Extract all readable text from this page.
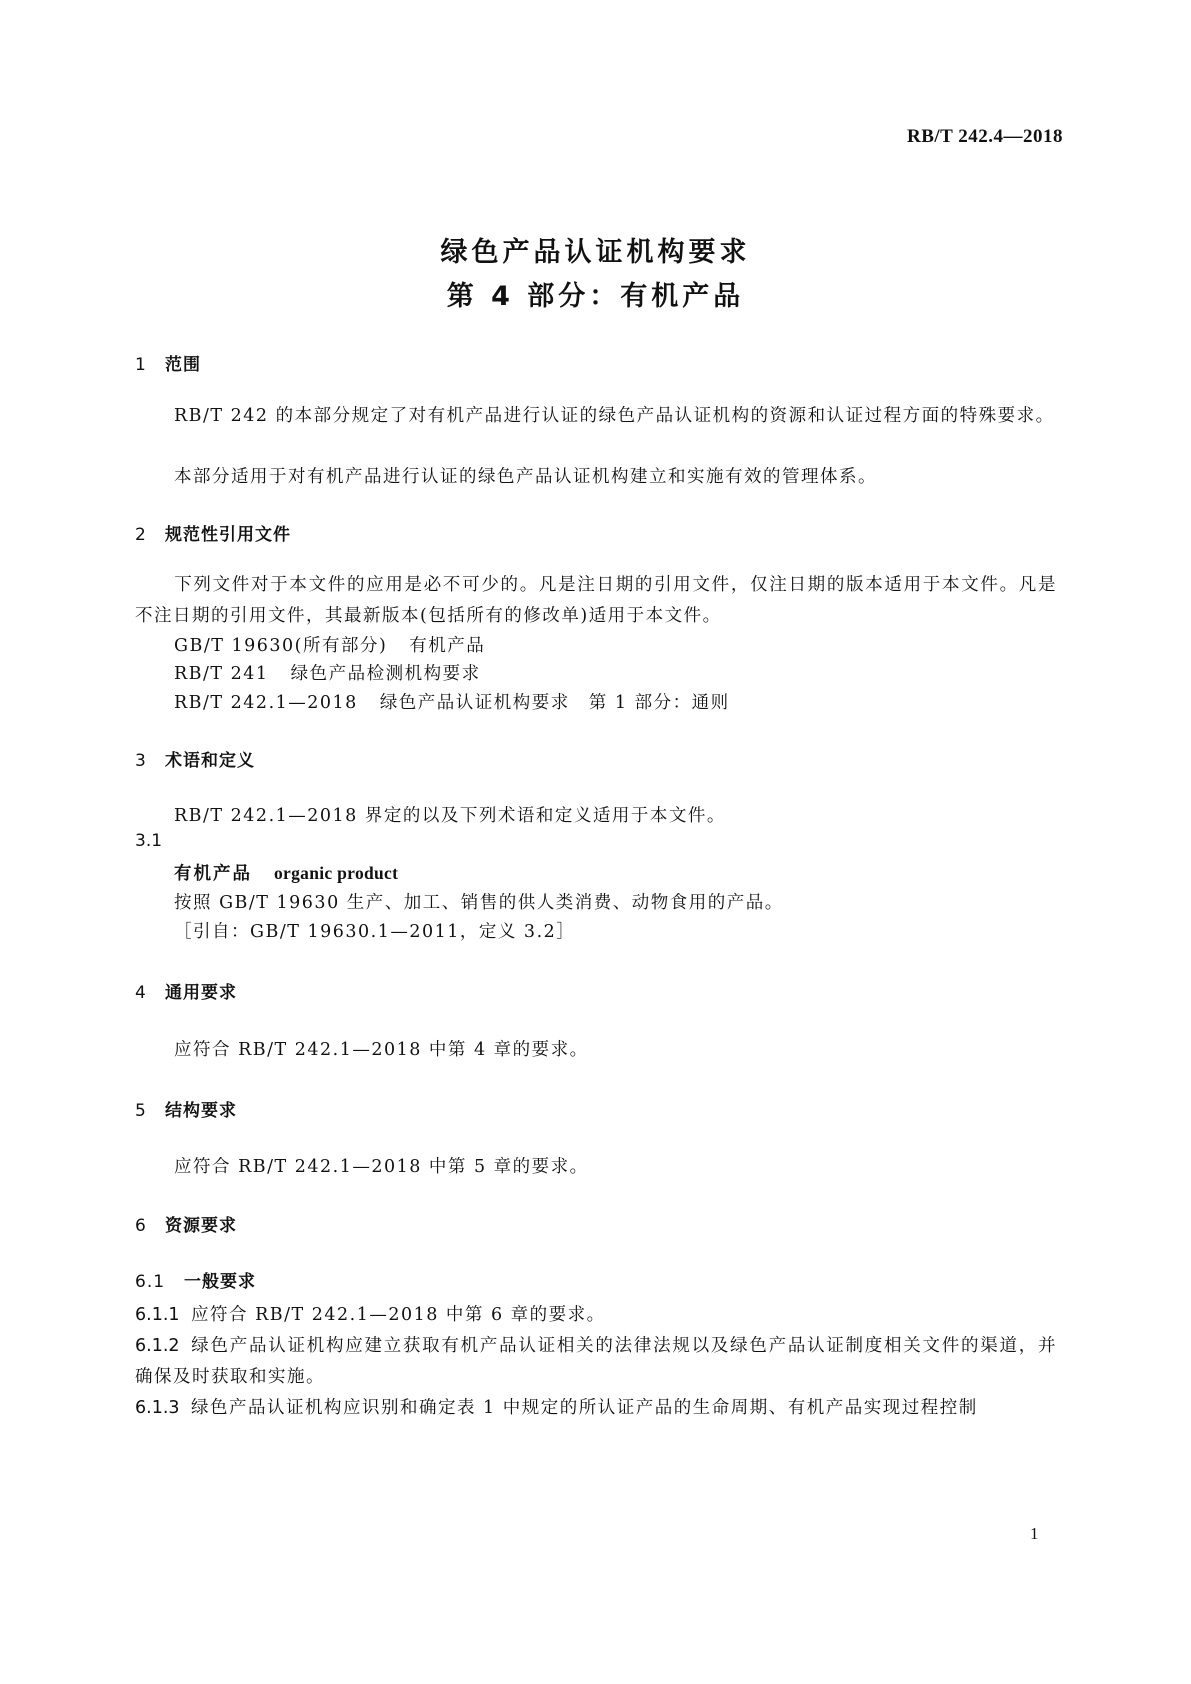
RB/T 242.4—2018
绿色产品认证机构要求
第 4 部分：有机产品
1 范围
RB/T 242 的本部分规定了对有机产品进行认证的绿色产品认证机构的资源和认证过程方面的特殊要求。
本部分适用于对有机产品进行认证的绿色产品认证机构建立和实施有效的管理体系。
2 规范性引用文件
下列文件对于本文件的应用是必不可少的。凡是注日期的引用文件，仅注日期的版本适用于本文件。凡是不注日期的引用文件，其最新版本(包括所有的修改单)适用于本文件。
GB/T 19630(所有部分) 有机产品
RB/T 241 绿色产品检测机构要求
RB/T 242.1—2018 绿色产品认证机构要求　第 1 部分：通则
3 术语和定义
RB/T 242.1—2018 界定的以及下列术语和定义适用于本文件。
3.1
有机产品 organic product
按照 GB/T 19630 生产、加工、销售的供人类消费、动物食用的产品。
［引自：GB/T 19630.1—2011，定义 3.2］
4 通用要求
应符合 RB/T 242.1—2018 中第 4 章的要求。
5 结构要求
应符合 RB/T 242.1—2018 中第 5 章的要求。
6 资源要求
6.1 一般要求
6.1.1 应符合 RB/T 242.1—2018 中第 6 章的要求。
6.1.2 绿色产品认证机构应建立获取有机产品认证相关的法律法规以及绿色产品认证制度相关文件的渠道，并确保及时获取和实施。
6.1.3 绿色产品认证机构应识别和确定表 1 中规定的所认证产品的生命周期、有机产品实现过程控制
1
